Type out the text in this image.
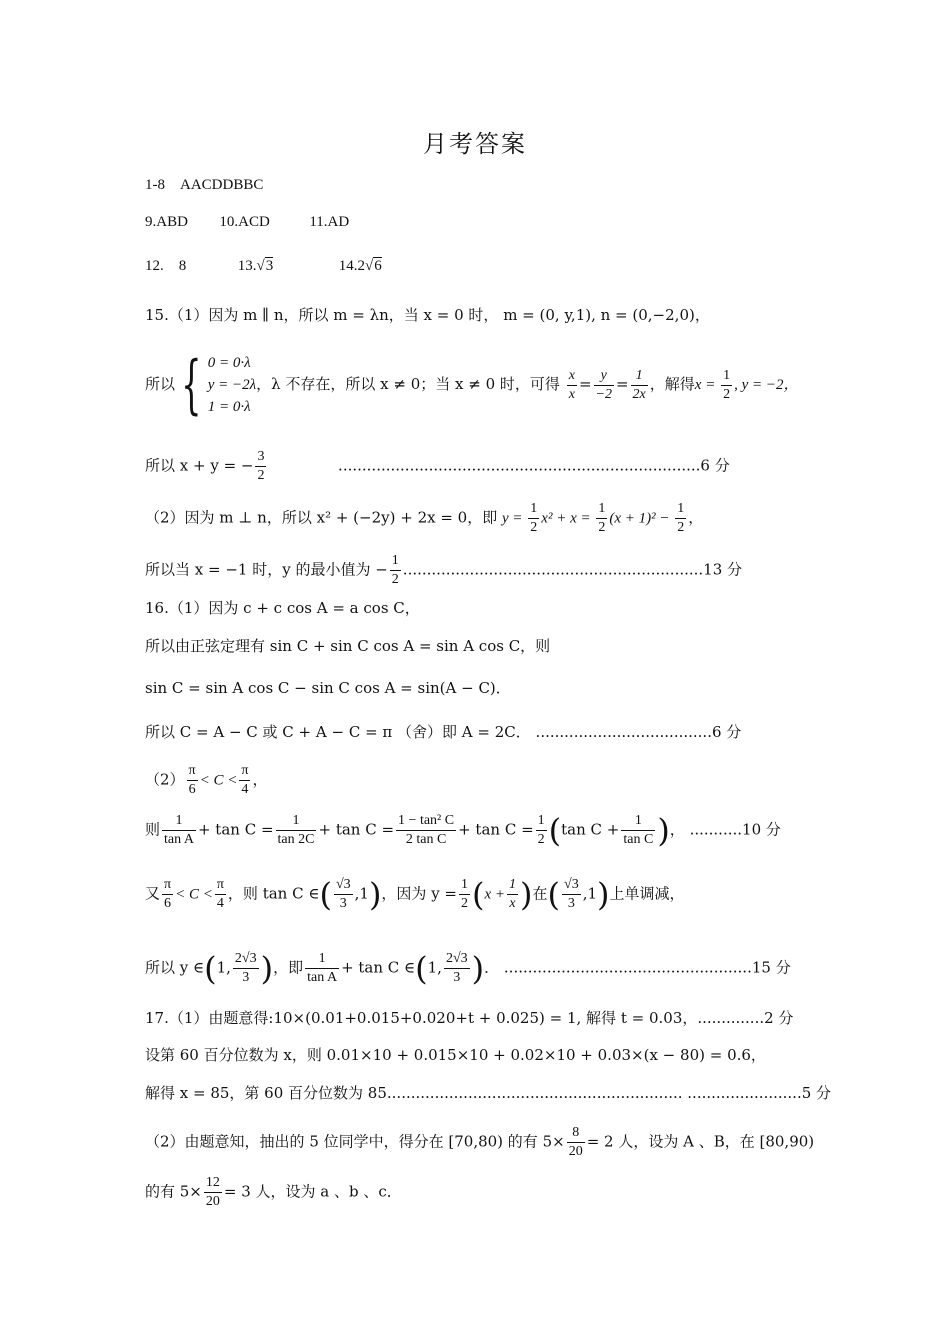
月考答案
1-8　AACDDBBC
9.ABD 10.ACD	11.AD
12.　8	13.√3	14.2√6
15.（1）因为 m ∥ n，所以 m = λn，当 x = 0 时， m = (0, y,1), n = (0,−2,0)，
所以{ 0 = 0·λ
y = −2λ
1 = 0·λ
，λ 不存在，所以 x ≠ 0；当 x ≠ 0 时，可得 $\frac{x}{x} = \frac{y}{-2} = \frac{1}{2x}$ ，解得$x = \frac{1}{2}$ , y = −2，
所以 x + y = − $\frac{3}{2}$	............................................................................6 分
（2）因为 m ⊥ n，所以 x² + (−2y) + 2x = 0，即 $y = \frac{1}{2} x^2 + x = \frac{1}{2} (x + 1)^2 - \frac{1}{2}$ ，
所以当 x = −1 时，y 的最小值为 − $\frac{1}{2} ...............................................................13$ 分
16.（1）因为 c + c cos A = a cos C，
所以由正弦定理有 sin C + sin C cos A = sin A cos C，则
sin C = sin A cos C − sin C cos A = sin(A − C)．
所以 C = A − C 或 C + A − C = π （舍）即 A = 2C． .....................................6 分
$(2) \frac{\pi}{6} < C < \frac{\pi}{4}$ ，
则 $\frac{1}{\text{tan A}} + \tan C = \frac{1}{\tan 2C} + \tan C = \frac{\text{1 − tan² C}}{\text{2 tan C}} + \tan C = \frac{1}{2} (\tan$ $C + \frac{1}{\text{tan C}}$ )， ...........10 分
又 $\frac{\pi}{6} < C < \frac{\pi}{4}$ ，则 tan C ∈( $\frac{√3}{3} ,1$)，因为 $y = \frac{1}{2} (x + \frac{1}{x}$ )在( $\frac{√3}{3} ,1$)上单调减，
所以 y ∈(1, $\frac{2√3}{3}$ )，即 $\frac{1}{\text{tan A}} + \tan C$ ∈(1, $\frac{2√3}{3}$ )． ....................................................15 分
17.（1）由题意得:10×(0.01+0.015+0.020+t + 0.025) = 1, 解得 t = 0.03，..............2 分
设第 60 百分位数为 x，则 0.01×10 + 0.015×10 + 0.02×10 + 0.03×(x − 80) = 0.6，
解得 x = 85，第 60 百分位数为 85.............................................................. ........................5 分
（2）由题意知，抽出的 5 位同学中，得分在 [70,80) 的有 $5\times \frac{8}{20} = 2$ 人，设为 A 、B，在 [80,90)
的有 $5\times \frac{12}{20} = 3$ 人，设为 a 、b 、c．
